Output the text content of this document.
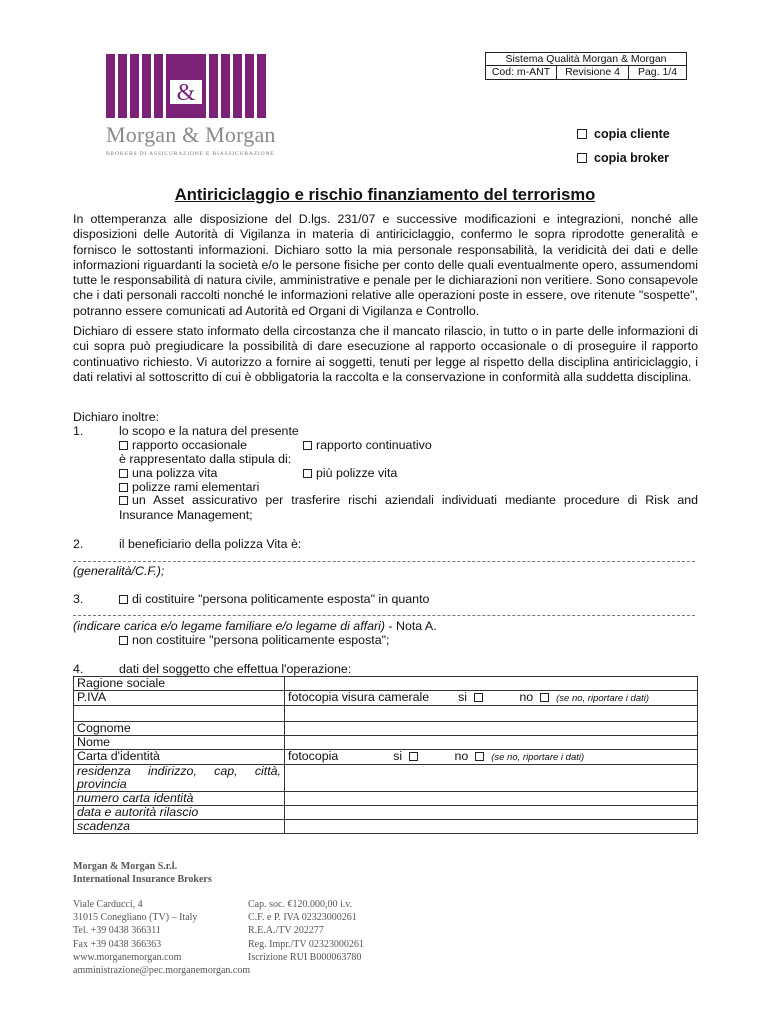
&
Morgan & Morgan
BROKERS DI ASSICURAZIONE E RIASSICURAZIONE
Sistema Qualità Morgan & Morgan
Cod: m-ANT	Revisione 4	Pag. 1/4
copia cliente
copia broker
Antiriciclaggio e rischio finanziamento del terrorismo
In ottemperanza alle disposizione del D.lgs. 231/07 e successive modificazioni e integrazioni, nonché alle disposizioni delle Autorità di Vigilanza in materia di antiriciclaggio, confermo le sopra riprodotte generalità e fornisco le sottostanti informazioni. Dichiaro sotto la mia personale responsabilità, la veridicità dei dati e delle informazioni riguardanti la società e/o le persone fisiche per conto delle quali eventualmente opero, assumendomi tutte le responsabilità di natura civile, amministrative e penale per le dichiarazioni non veritiere. Sono consapevole che i dati personali raccolti nonché le informazioni relative alle operazioni poste in essere, ove ritenute "sospette", potranno essere comunicati ad Autorità ed Organi di Vigilanza e Controllo.
Dichiaro di essere stato informato della circostanza che il mancato rilascio, in tutto o in parte delle informazioni di cui sopra può pregiudicare la possibilità di dare esecuzione al rapporto occasionale o di proseguire il rapporto continuativo richiesto. Vi autorizzo a fornire ai soggetti, tenuti per legge al rispetto della disciplina antiriciclaggio, i dati relativi al sottoscritto di cui è obbligatoria la raccolta e la conservazione in conformità alla suddetta disciplina.
Dichiaro inoltre:
1.	lo scopo e la natura del presente
rapporto occasionale	rapporto continuativo
è rappresentato dalla stipula di:
una polizza vita	più polizze vita
polizze rami elementari
un Asset assicurativo per trasferire rischi aziendali individuati mediante procedure di Risk and Insurance Management;
2.	il beneficiario della polizza Vita è:
(generalità/C.F.);
3.	di costituire "persona politicamente esposta" in quanto
(indicare carica e/o legame familiare e/o legame di affari) - Nota A.
non costituire "persona politicamente esposta";
4.	dati del soggetto che effettua l'operazione:
Ragione sociale	
P.IVA	fotocopia visura camerale si no (se no, riportare i dati)

Cognome	
Nome	
Carta d'identità	fotocopia si no (se no, riportare i dati)
residenza indirizzo, cap, città, provincia	
numero carta identità	
data e autorità rilascio	
scadenza	
Morgan & Morgan S.r.l.
International Insurance Brokers
Viale Carducci, 4
31015 Conegliano (TV) – Italy
Tel. +39 0438 366311
Fax +39 0438 366363
www.morganemorgan.com
amministrazione@pec.morganemorgan.com
Cap. soc. €120.000,00 i.v.
C.F. e P. IVA 02323000261
R.E.A./TV 202277
Reg. Impr./TV 02323000261
Iscrizione RUI B000063780
